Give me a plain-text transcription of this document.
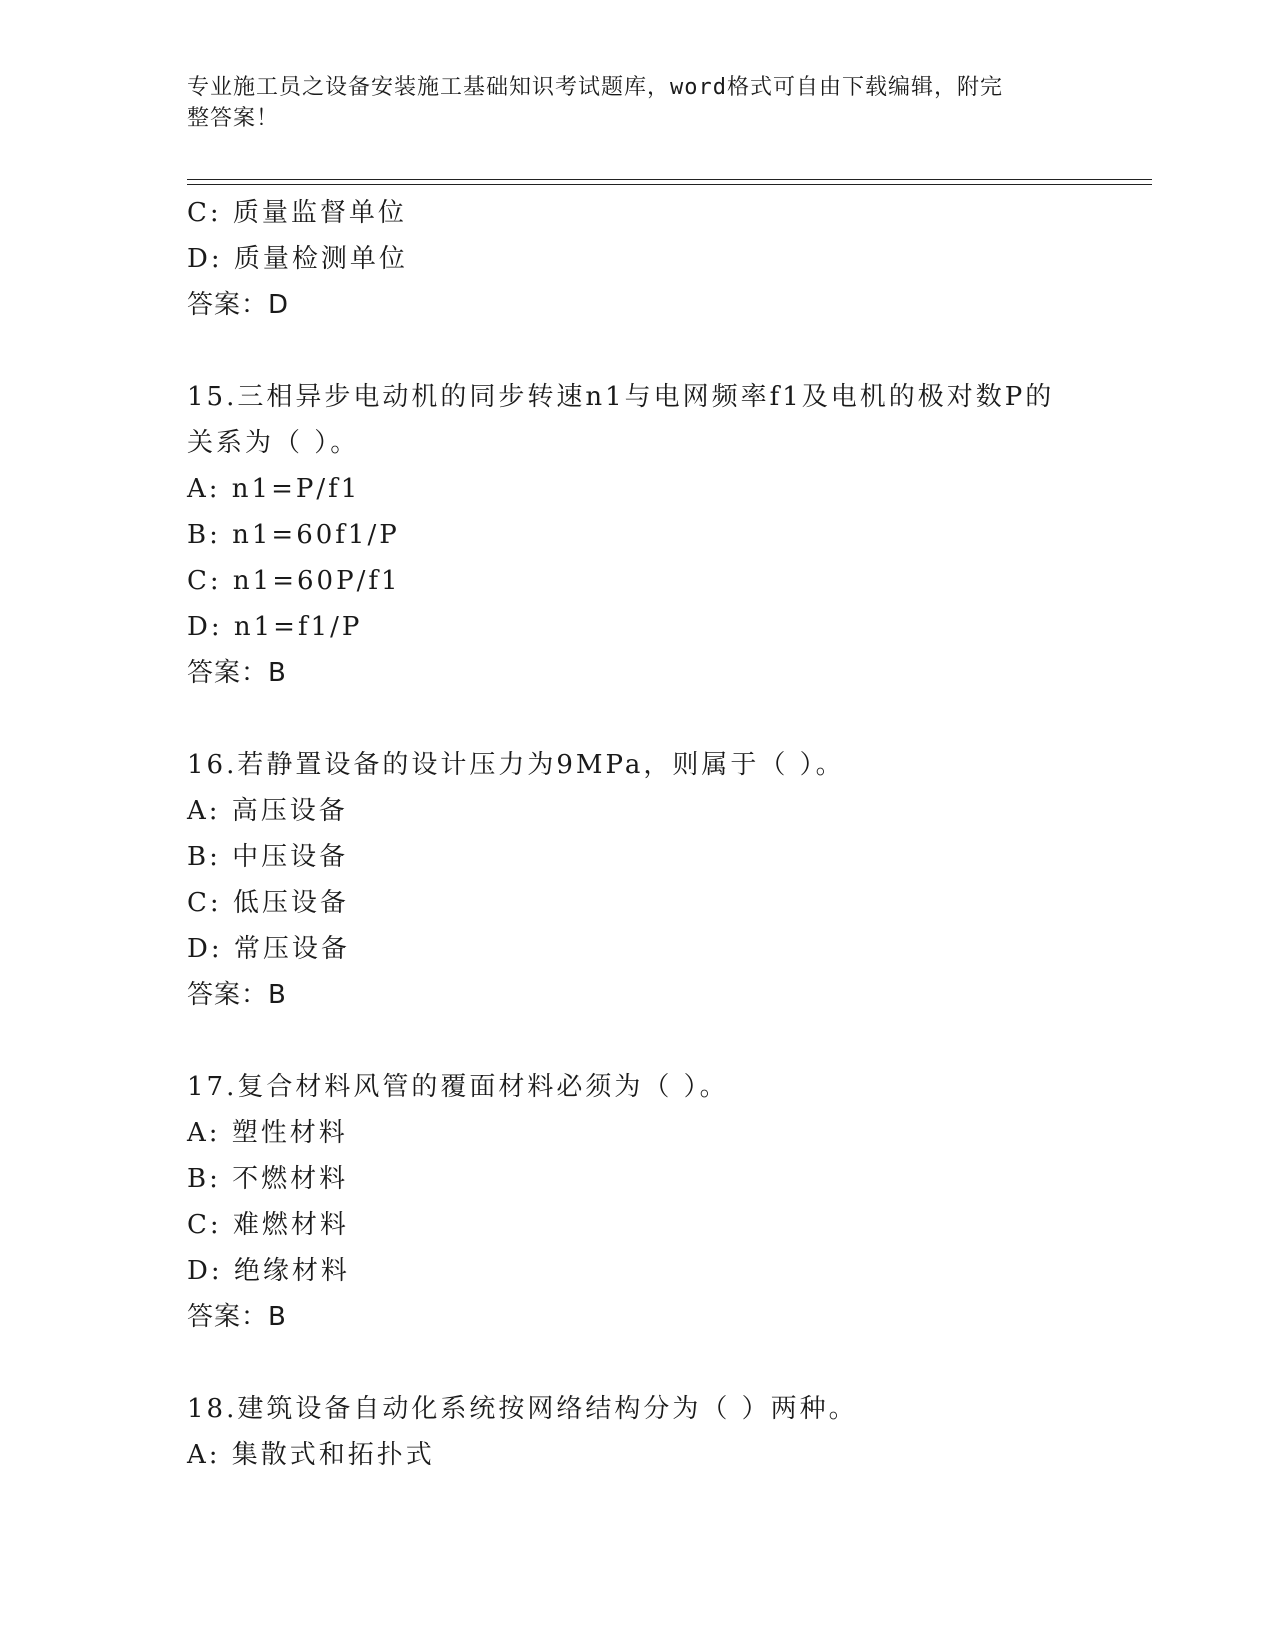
专业施工员之设备安装施工基础知识考试题库，word格式可自由下载编辑，附完
整答案！
C: 质量监督单位
D: 质量检测单位
答案：D
15.三相异步电动机的同步转速n1与电网频率f1及电机的极对数P的
关系为（ ）。
A: n1=P/f1
B: n1=60f1/P
C: n1=60P/f1
D: n1=f1/P
答案：B
16.若静置设备的设计压力为9MPa，则属于（ ）。
A: 高压设备
B: 中压设备
C: 低压设备
D: 常压设备
答案：B
17.复合材料风管的覆面材料必须为（ ）。
A: 塑性材料
B: 不燃材料
C: 难燃材料
D: 绝缘材料
答案：B
18.建筑设备自动化系统按网络结构分为（ ）两种。
A: 集散式和拓扑式
